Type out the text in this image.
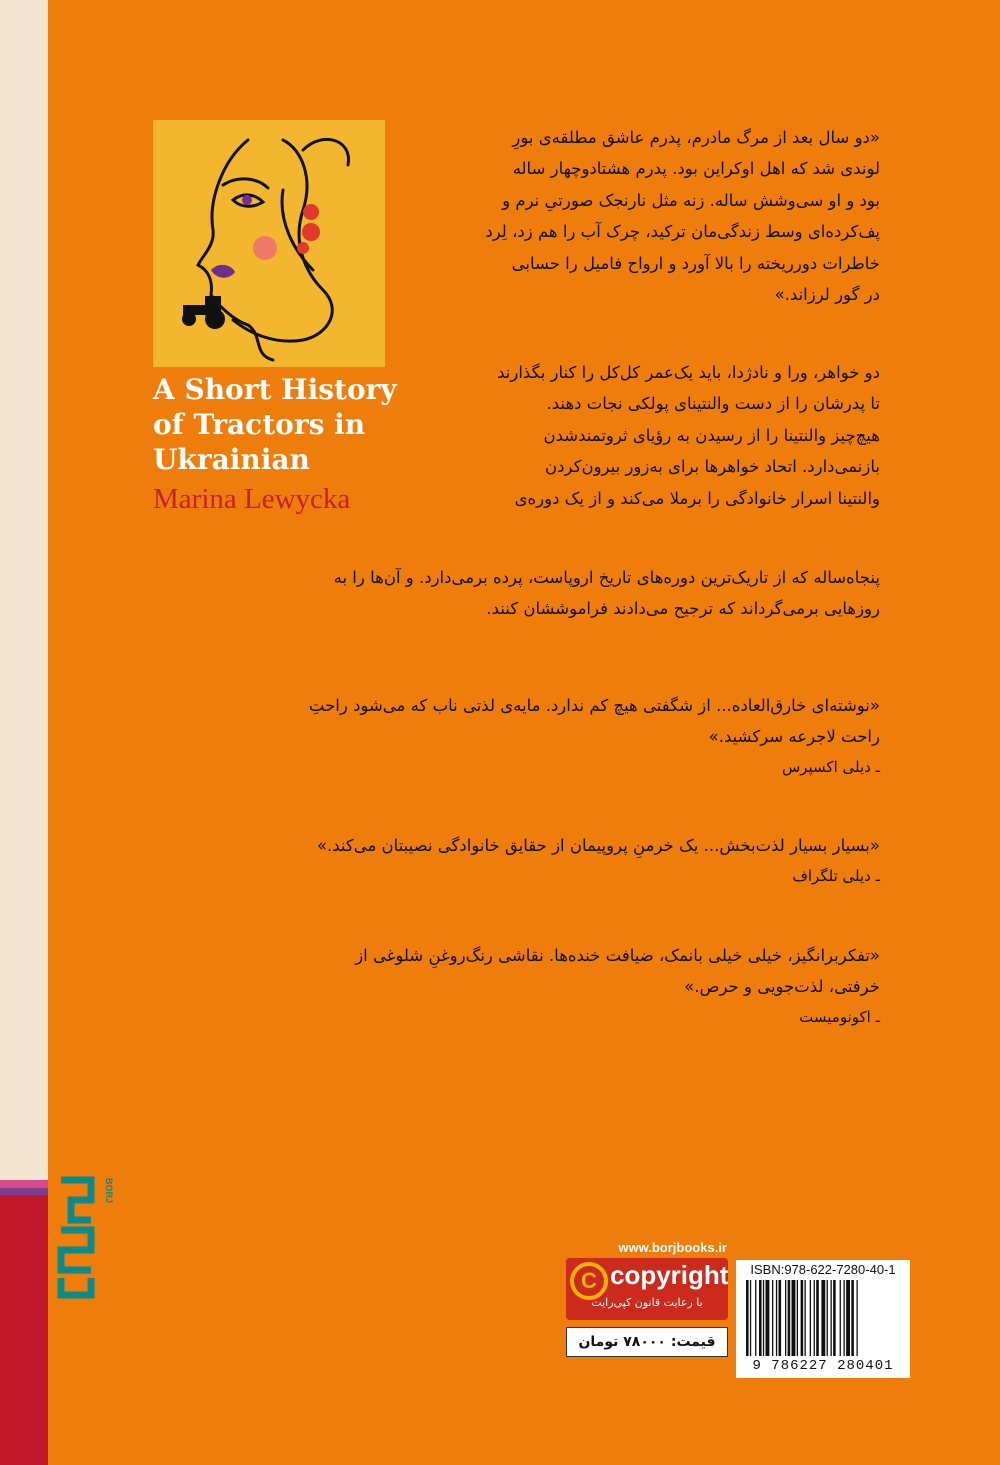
BORJ
A Short History
of Tractors in
Ukrainian
Marina Lewycka
«دو سال بعد از مرگ مادرم، پدرم عاشق مطلقه‌ی بورِ
لوندی شد که اهل اوکراین بود. پدرم هشتادوچهار ساله
بود و او سی‌وشش ساله. زنه مثل نارنجک صورتیِ نرم و
پف‌کرده‌ای وسط زندگی‌مان ترکید، چرک آب را هم زد، لِرد
خاطرات دورریخته را بالا آورد و ارواح فامیل را حسابی
در گور لرزاند.»
دو خواهر، ورا و نادژدا، باید یک‌عمر کل‌کل را کنار بگذارند
تا پدرشان را از دست والنتینای پولکی نجات دهند.
هیچ‌چیز والنتینا را از رسیدن به رؤیای ثروتمندشدن
بازنمی‌دارد. اتحاد خواهرها برای به‌زور بیرون‌کردن
والنتینا اسرار خانوادگی را برملا می‌کند و از یک دوره‌ی
پنجاه‌ساله که از تاریک‌ترین دوره‌های تاریخ اروپاست، پرده برمی‌دارد. و آن‌ها را به
روزهایی برمی‌گرداند که ترجیح می‌دادند فراموششان کنند.
«نوشته‌ای خارق‌العاده... از شگفتی هیچ کم ندارد. مایه‌ی لذتی ناب که می‌شود راحتِ
راحت لاجرعه سرکشید.»
ـ دیلی اکسپرس
«بسیار بسیار لذت‌بخش... یک خرمنِ پروپیمان از حقایق خانوادگی نصیبتان می‌کند.»
ـ دیلی تلگراف
«تفکربرانگیز، خیلی خیلی بانمک، ضیافت خنده‌ها. نقاشی رنگ‌روغنِ شلوغی از
خرفتی، لذت‌جویی و حرص.»
ـ اکونومیست
www.borjbooks.ir
C copyright
با رعایت قانون کپی‌رایت
قیمت: ۷۸۰۰۰ تومان
ISBN:978-622-7280-40-1
9 786227 280401
